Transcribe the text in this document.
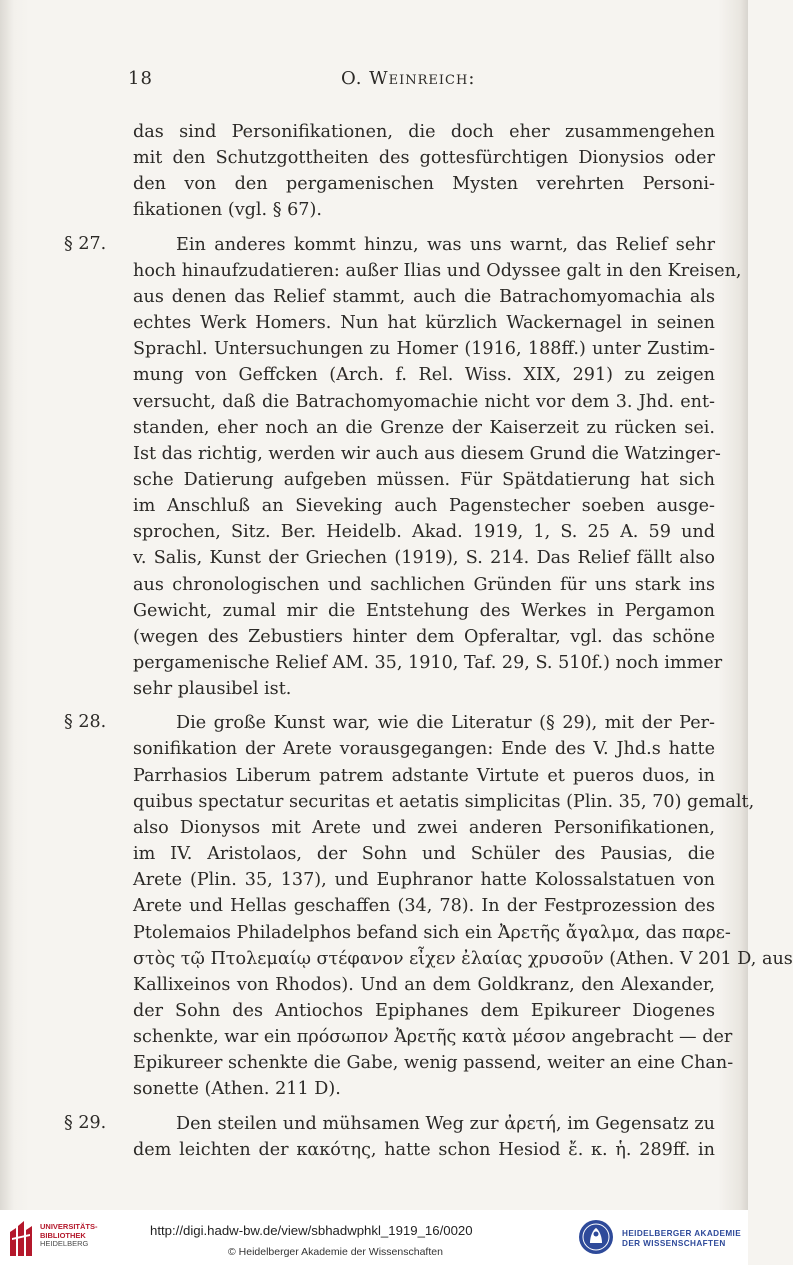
18	O. Weinreich:
das sind Personifikationen, die doch eher zusammengehen
mit den Schutzgottheiten des gottesfürchtigen Dionysios oder
den von den pergamenischen Mysten verehrten Personi-
fikationen (vgl. § 67).
§ 27.	Ein anderes kommt hinzu, was uns warnt, das Relief sehr
hoch hinaufzudatieren: außer Ilias und Odyssee galt in den Kreisen,
aus denen das Relief stammt, auch die Batrachomyomachia als
echtes Werk Homers. Nun hat kürzlich Wackernagel in seinen
Sprachl. Untersuchungen zu Homer (1916, 188ff.) unter Zustim-
mung von Geffcken (Arch. f. Rel. Wiss. XIX, 291) zu zeigen
versucht, daß die Batrachomyomachie nicht vor dem 3. Jhd. ent-
standen, eher noch an die Grenze der Kaiserzeit zu rücken sei.
Ist das richtig, werden wir auch aus diesem Grund die Watzinger-
sche Datierung aufgeben müssen. Für Spätdatierung hat sich
im Anschluß an Sieveking auch Pagenstecher soeben ausge-
sprochen, Sitz. Ber. Heidelb. Akad. 1919, 1, S. 25 A. 59 und
v. Salis, Kunst der Griechen (1919), S. 214. Das Relief fällt also
aus chronologischen und sachlichen Gründen für uns stark ins
Gewicht, zumal mir die Entstehung des Werkes in Pergamon
(wegen des Zebustiers hinter dem Opferaltar, vgl. das schöne
pergamenische Relief AM. 35, 1910, Taf. 29, S. 510f.) noch immer
sehr plausibel ist.
§ 28.	Die große Kunst war, wie die Literatur (§ 29), mit der Per-
sonifikation der Arete vorausgegangen: Ende des V. Jhd.s hatte
Parrhasios Liberum patrem adstante Virtute et pueros duos, in
quibus spectatur securitas et aetatis simplicitas (Plin. 35, 70) gemalt,
also Dionysos mit Arete und zwei anderen Personifikationen,
im IV. Aristolaos, der Sohn und Schüler des Pausias, die
Arete (Plin. 35, 137), und Euphranor hatte Kolossalstatuen von
Arete und Hellas geschaffen (34, 78). In der Festprozession des
Ptolemaios Philadelphos befand sich ein Ἀρετῆς ἄγαλμα, das παρε-
στὸς τῷ Πτολεμαίῳ στέφανον εἶχεν ἐλαίας χρυσοῦν (Athen. V 201 D, aus
Kallixeinos von Rhodos). Und an dem Goldkranz, den Alexander,
der Sohn des Antiochos Epiphanes dem Epikureer Diogenes
schenkte, war ein πρόσωπον Ἀρετῆς κατὰ μέσον angebracht — der
Epikureer schenkte die Gabe, wenig passend, weiter an eine Chan-
sonette (Athen. 211 D).
§ 29.	Den steilen und mühsamen Weg zur ἀρετή, im Gegensatz zu
dem leichten der κακότης, hatte schon Hesiod ἔ. κ. ἡ. 289ff. in
UNIVERSITÄTS-
BIBLIOTHEK
HEIDELBERG
http://digi.hadw-bw.de/view/sbhadwphkl_1919_16/0020
© Heidelberger Akademie der Wissenschaften
HEIDELBERGER AKADEMIE
DER WISSENSCHAFTEN
